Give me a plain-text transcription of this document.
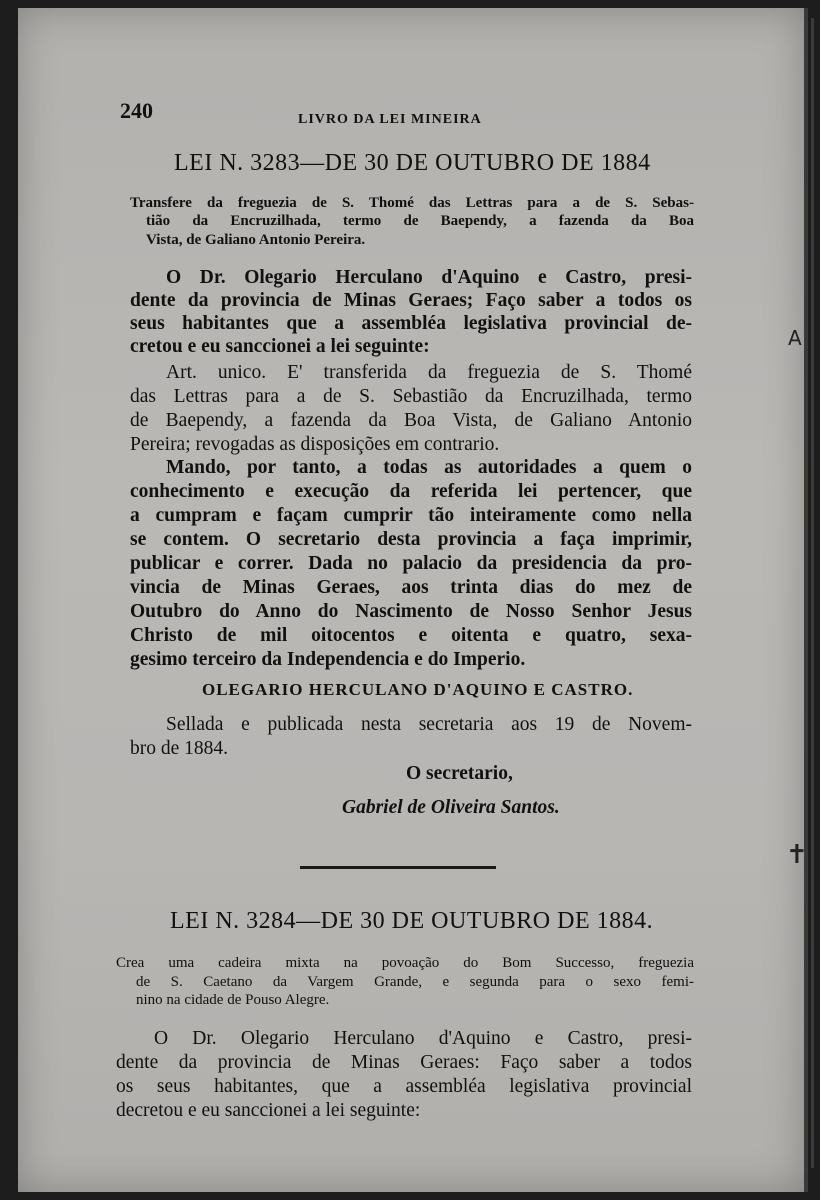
240	LIVRO DA LEI MINEIRA
LEI N. 3283—DE 30 DE OUTUBRO DE 1884
Transfere da freguezia de S. Thomé das Lettras para a de S. Sebas-
tião da Encruzilhada, termo de Baependy, a fazenda da Boa
Vista, de Galiano Antonio Pereira.
O Dr. Olegario Herculano d'Aquino e Castro, presi-
dente da provincia de Minas Geraes; Faço saber a todos os
seus habitantes que a assembléa legislativa provincial de-
cretou e eu sanccionei a lei seguinte:
Art. unico. E' transferida da freguezia de S. Thomé
das Lettras para a de S. Sebastião da Encruzilhada, termo
de Baependy, a fazenda da Boa Vista, de Galiano Antonio
Pereira; revogadas as disposições em contrario.
Mando, por tanto, a todas as autoridades a quem o
conhecimento e execução da referida lei pertencer, que
a cumpram e façam cumprir tão inteiramente como nella
se contem. O secretario desta provincia a faça imprimir,
publicar e correr. Dada no palacio da presidencia da pro-
vincia de Minas Geraes, aos trinta dias do mez de
Outubro do Anno do Nascimento de Nosso Senhor Jesus
Christo de mil oitocentos e oitenta e quatro, sexa-
gesimo terceiro da Independencia e do Imperio.
OLEGARIO HERCULANO D'AQUINO E CASTRO.
Sellada e publicada nesta secretaria aos 19 de Novem-
bro de 1884.
O secretario,
Gabriel de Oliveira Santos.
LEI N. 3284—DE 30 DE OUTUBRO DE 1884.
Crea uma cadeira mixta na povoação do Bom Successo, freguezia
de S. Caetano da Vargem Grande, e segunda para o sexo femi-
nino na cidade de Pouso Alegre.
O Dr. Olegario Herculano d'Aquino e Castro, presi-
dente da provincia de Minas Geraes: Faço saber a todos
os seus habitantes, que a assembléa legislativa provincial
decretou e eu sanccionei a lei seguinte:
A
✝
